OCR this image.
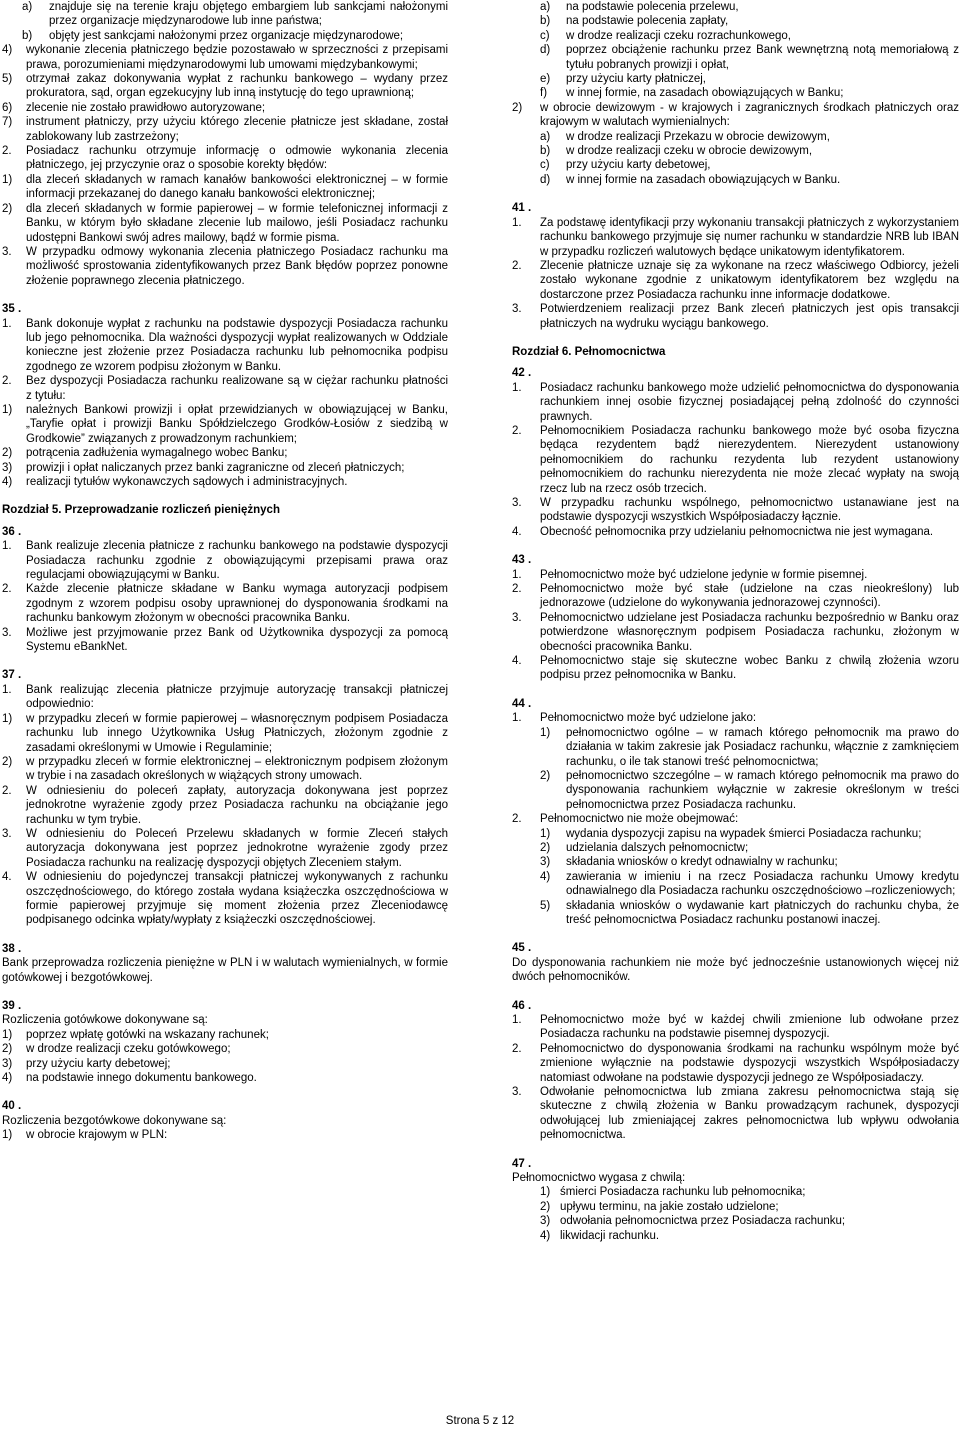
a)	znajduje się na terenie kraju objętego embargiem lub sankcjami nałożonymi przez organizacje międzynarodowe lub inne państwa;
b)	objęty jest sankcjami nałożonymi przez organizacje międzynarodowe;
4)	wykonanie zlecenia płatniczego będzie pozostawało w sprzeczności z przepisami prawa, porozumieniami międzynarodowymi lub umowami międzybankowymi;
5)	otrzymał zakaz dokonywania wypłat z rachunku bankowego – wydany przez prokuratora, sąd, organ egzekucyjny lub inną instytucję do tego uprawnioną;
6)	zlecenie nie zostało prawidłowo autoryzowane;
7)	instrument płatniczy, przy użyciu którego zlecenie płatnicze jest składane, został zablokowany lub zastrzeżony;
2.	Posiadacz rachunku otrzymuje informację o odmowie wykonania zlecenia płatniczego, jej przyczynie oraz o sposobie korekty błędów:
1)	dla zleceń składanych w ramach kanałów bankowości elektronicznej – w formie informacji przekazanej do danego kanału bankowości elektronicznej;
2)	dla zleceń składanych w formie papierowej – w formie telefonicznej informacji z Banku, w którym było składane zlecenie lub mailowo, jeśli Posiadacz rachunku udostępni Bankowi swój adres mailowy, bądź w formie pisma.
3.	W przypadku odmowy wykonania zlecenia płatniczego Posiadacz rachunku ma możliwość sprostowania zidentyfikowanych przez Bank błędów poprzez ponowne złożenie poprawnego zlecenia płatniczego.

35 .

1.	Bank dokonuje wypłat z rachunku na podstawie dyspozycji Posiadacza rachunku lub jego pełnomocnika. Dla ważności dyspozycji wypłat realizowanych w Oddziale konieczne jest złożenie przez Posiadacza rachunku lub pełnomocnika podpisu zgodnego ze wzorem podpisu złożonym w Banku.
2.	Bez dyspozycji Posiadacza rachunku realizowane są w ciężar rachunku płatności z tytułu:
1)	należnych Bankowi prowizji i opłat przewidzianych w obowiązującej w Banku, „Taryfie opłat i prowizji Banku Spółdzielczego Grodków-Łosiów z siedzibą w Grodkowie” związanych z prowadzonym rachunkiem;
2)	potrącenia zadłużenia wymagalnego wobec Banku;
3)	prowizji i opłat naliczanych przez banki zagraniczne od zleceń płatniczych;
4)	realizacji tytułów wykonawczych sądowych i administracyjnych.

Rozdział 5. Przeprowadzanie rozliczeń pieniężnych

36 .

1.	Bank realizuje zlecenia płatnicze z rachunku bankowego na podstawie dyspozycji Posiadacza rachunku zgodnie z obowiązującymi przepisami prawa oraz regulacjami obowiązującymi w Banku.
2.	Każde zlecenie płatnicze składane w Banku wymaga autoryzacji podpisem zgodnym z wzorem podpisu osoby uprawnionej do dysponowania środkami na rachunku bankowym złożonym w obecności pracownika Banku.
3.	Możliwe jest przyjmowanie przez Bank od Użytkownika dyspozycji za pomocą Systemu eBankNet.

37 .

1.	Bank realizując zlecenia płatnicze przyjmuje autoryzację transakcji płatniczej odpowiednio:
1)	w przypadku zleceń w formie papierowej – własnoręcznym podpisem Posiadacza rachunku lub innego Użytkownika Usług Płatniczych, złożonym zgodnie z zasadami określonymi w Umowie i Regulaminie;
2)	w przypadku zleceń w formie elektronicznej – elektronicznym podpisem złożonym w trybie i na zasadach określonych w wiążących strony umowach.
2.	W odniesieniu do poleceń zapłaty, autoryzacja dokonywana jest poprzez jednokrotne wyrażenie zgody przez Posiadacza rachunku na obciążanie jego rachunku w tym trybie.
3.	W odniesieniu do Poleceń Przelewu składanych w formie Zleceń stałych autoryzacja dokonywana jest poprzez jednokrotne wyrażenie zgody przez Posiadacza rachunku na realizację dyspozycji objętych Zleceniem stałym.
4.	W odniesieniu do pojedynczej transakcji płatniczej wykonywanych z rachunku oszczędnościowego, do którego została wydana książeczka oszczędnościowa w formie papierowej przyjmuje się moment złożenia przez Zleceniodawcę podpisanego odcinka wpłaty/wypłaty z książeczki oszczędnościowej.

38 .

Bank przeprowadza rozliczenia pieniężne w PLN i w walutach wymienialnych, w formie gotówkowej i bezgotówkowej.

39 .

Rozliczenia gotówkowe dokonywane są:

1)	poprzez wpłatę gotówki na wskazany rachunek;
2)	w drodze realizacji czeku gotówkowego;
3)	przy użyciu karty debetowej;
4)	na podstawie innego dokumentu bankowego.

40 .

Rozliczenia bezgotówkowe dokonywane są:

1)	w obrocie krajowym w PLN:
a)	na podstawie polecenia przelewu,
b)	na podstawie polecenia zapłaty,
c)	w drodze realizacji czeku rozrachunkowego,
d)	poprzez obciążenie rachunku przez Bank wewnętrzną notą memoriałową z tytułu pobranych prowizji i opłat,
e)	przy użyciu karty płatniczej,
f)	w innej formie, na zasadach obowiązujących w Banku;
2)	w obrocie dewizowym - w krajowych i zagranicznych środkach płatniczych oraz krajowym w walutach wymienialnych:
a)	w drodze realizacji Przekazu w obrocie dewizowym,
b)	w drodze realizacji czeku w obrocie dewizowym,
c)	przy użyciu karty debetowej,
d)	w innej formie na zasadach obowiązujących w Banku.

41 .

1.	Za podstawę identyfikacji przy wykonaniu transakcji płatniczych z wykorzystaniem rachunku bankowego przyjmuje się numer rachunku w standardzie NRB lub IBAN w przypadku rozliczeń walutowych będące unikatowym identyfikatorem.
2.	Zlecenie płatnicze uznaje się za wykonane na rzecz właściwego Odbiorcy, jeżeli zostało wykonane zgodnie z unikatowym identyfikatorem bez względu na dostarczone przez Posiadacza rachunku inne informacje dodatkowe.
3.	Potwierdzeniem realizacji przez Bank zleceń płatniczych jest opis transakcji płatniczych na wydruku wyciągu bankowego.

Rozdział 6. Pełnomocnictwa

42 .

1.	Posiadacz rachunku bankowego może udzielić pełnomocnictwa do dysponowania rachunkiem innej osobie fizycznej posiadającej pełną zdolność do czynności prawnych.
2.	Pełnomocnikiem Posiadacza rachunku bankowego może być osoba fizyczna będąca rezydentem bądź nierezydentem. Nierezydent ustanowiony pełnomocnikiem do rachunku rezydenta lub rezydent ustanowiony pełnomocnikiem do rachunku nierezydenta nie może zlecać wypłaty na swoją rzecz lub na rzecz osób trzecich.
3.	W przypadku rachunku wspólnego, pełnomocnictwo ustanawiane jest na podstawie dyspozycji wszystkich Współposiadaczy łącznie.
4.	Obecność pełnomocnika przy udzielaniu pełnomocnictwa nie jest wymagana.

43 .

1.	Pełnomocnictwo może być udzielone jedynie w formie pisemnej.
2.	Pełnomocnictwo może być stałe (udzielone na czas nieokreślony) lub jednorazowe (udzielone do wykonywania jednorazowej czynności).
3.	Pełnomocnictwo udzielane jest Posiadacza rachunku bezpośrednio w Banku oraz potwierdzone własnoręcznym podpisem Posiadacza rachunku, złożonym w obecności pracownika Banku.
4.	Pełnomocnictwo staje się skuteczne wobec Banku z chwilą złożenia wzoru podpisu przez pełnomocnika w Banku.

44 .

1.	Pełnomocnictwo może być udzielone jako:
1)	pełnomocnictwo ogólne – w ramach którego pełnomocnik ma prawo do działania w takim zakresie jak Posiadacz rachunku, włącznie z zamknięciem rachunku, o ile tak stanowi treść pełnomocnictwa;
2)	pełnomocnictwo szczególne – w ramach którego pełnomocnik ma prawo do dysponowania rachunkiem wyłącznie w zakresie określonym w treści pełnomocnictwa przez Posiadacza rachunku.
2.	Pełnomocnictwo nie może obejmować:
1)	wydania dyspozycji zapisu na wypadek śmierci Posiadacza rachunku;
2)	udzielania dalszych pełnomocnictw;
3)	składania wniosków o kredyt odnawialny w rachunku;
4)	zawierania w imieniu i na rzecz Posiadacza rachunku Umowy kredytu odnawialnego dla Posiadacza rachunku oszczędnościowo –rozliczeniowych;
5)	składania wniosków o wydawanie kart płatniczych do rachunku chyba, że treść pełnomocnictwa Posiadacz rachunku postanowi inaczej.

45 .

Do dysponowania rachunkiem nie może być jednocześnie ustanowionych więcej niż dwóch pełnomocników.

46 .

1.	Pełnomocnictwo może być w każdej chwili zmienione lub odwołane przez Posiadacza rachunku na podstawie pisemnej dyspozycji.
2.	Pełnomocnictwo do dysponowania środkami na rachunku wspólnym może być zmienione wyłącznie na podstawie dyspozycji wszystkich Współposiadaczy natomiast odwołane na podstawie dyspozycji jednego ze Współposiadaczy.
3.	Odwołanie pełnomocnictwa lub zmiana zakresu pełnomocnictwa stają się skuteczne z chwilą złożenia w Banku prowadzącym rachunek, dyspozycji odwołującej lub zmieniającej zakres pełnomocnictwa lub wpływu odwołania pełnomocnictwa.

47 .

Pełnomocnictwo wygasa z chwilą:

1) śmierci Posiadacza rachunku lub pełnomocnika;
2) upływu terminu, na jakie zostało udzielone;
3) odwołania pełnomocnictwa przez Posiadacza rachunku;
4) likwidacji rachunku.
Strona 5 z 12
